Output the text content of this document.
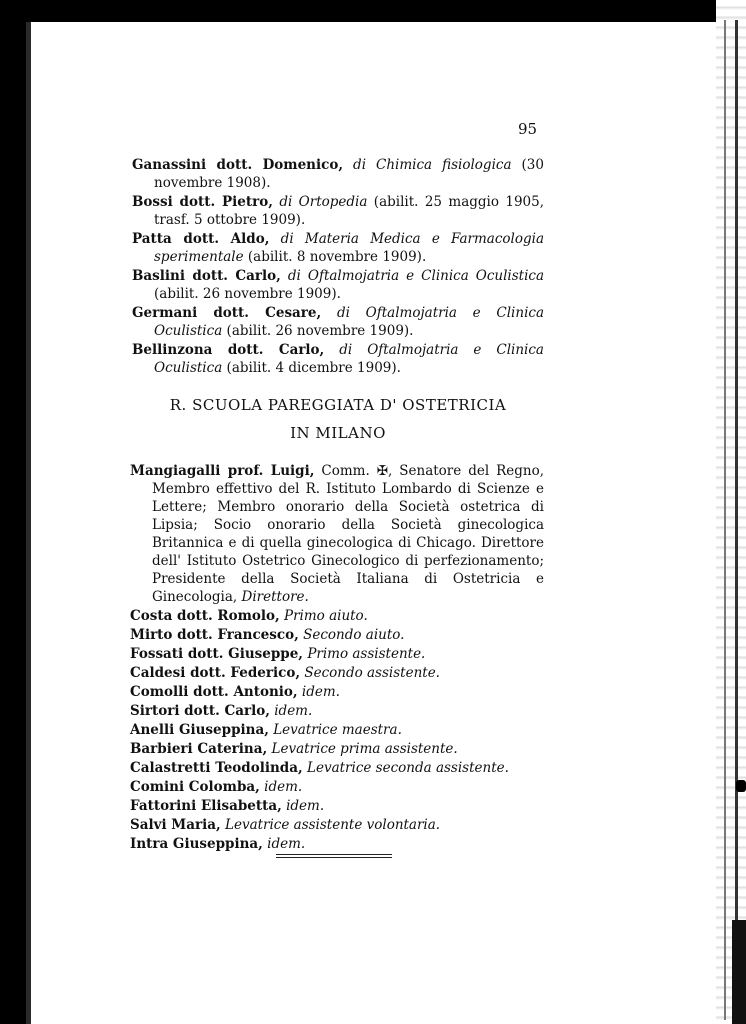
95

Ganassini dott. Domenico, di Chimica fisiologica (30 novembre 1908).

Bossi dott. Pietro, di Ortopedia (abilit. 25 maggio 1905, trasf. 5 ottobre 1909).

Patta dott. Aldo, di Materia Medica e Farmacologia sperimentale (abilit. 8 novembre 1909).

Baslini dott. Carlo, di Oftalmojatria e Clinica Oculistica (abilit. 26 novembre 1909).

Germani dott. Cesare, di Oftalmojatria e Clinica Oculistica (abilit. 26 novembre 1909).

Bellinzona dott. Carlo, di Oftalmojatria e Clinica Oculistica (abilit. 4 dicembre 1909).

R. SCUOLA PAREGGIATA D' OSTETRICIA
IN MILANO

Mangiagalli prof. Luigi, Comm. ✠, Senatore del Regno, Membro effettivo del R. Istituto Lombardo di Scienze e Lettere; Membro onorario della Società ostetrica di Lipsia; Socio onorario della Società ginecologica Britannica e di quella ginecologica di Chicago. Direttore dell' Istituto Ostetrico Ginecologico di perfezionamento; Presidente della Società Italiana di Ostetricia e Ginecologia, Direttore.

Costa dott. Romolo, Primo aiuto.

Mirto dott. Francesco, Secondo aiuto.

Fossati dott. Giuseppe, Primo assistente.

Caldesi dott. Federico, Secondo assistente.

Comolli dott. Antonio, idem.

Sirtori dott. Carlo, idem.

Anelli Giuseppina, Levatrice maestra.

Barbieri Caterina, Levatrice prima assistente.

Calastretti Teodolinda, Levatrice seconda assistente.

Comini Colomba, idem.

Fattorini Elisabetta, idem.

Salvi Maria, Levatrice assistente volontaria.

Intra Giuseppina, idem.
